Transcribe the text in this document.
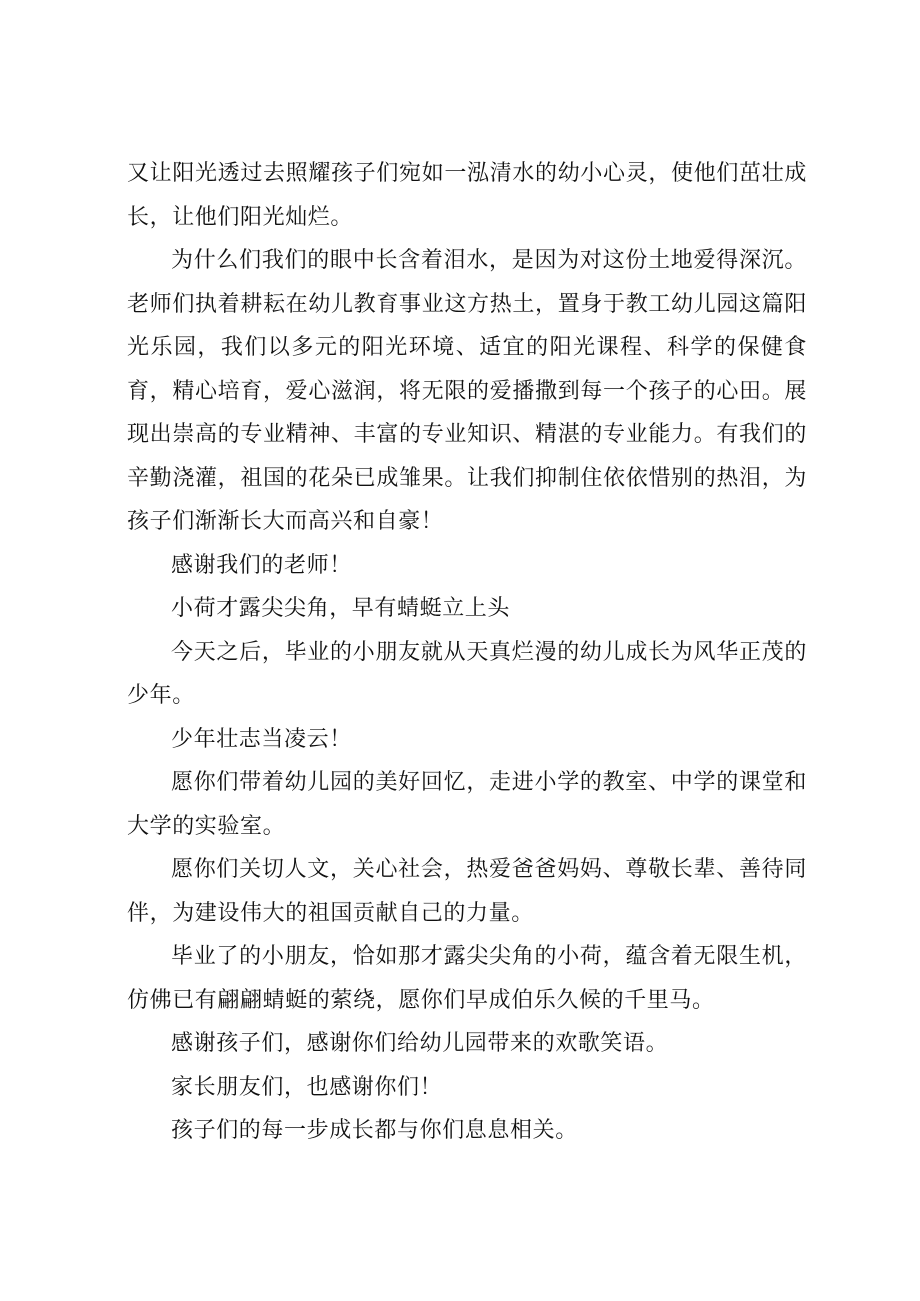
又让阳光透过去照耀孩子们宛如一泓清水的幼小心灵，使他们茁壮成长，让他们阳光灿烂。

为什么们我们的眼中长含着泪水，是因为对这份土地爱得深沉。老师们执着耕耘在幼儿教育事业这方热土，置身于教工幼儿园这篇阳光乐园，我们以多元的阳光环境、适宜的阳光课程、科学的保健食育，精心培育，爱心滋润，将无限的爱播撒到每一个孩子的心田。展现出崇高的专业精神、丰富的专业知识、精湛的专业能力。有我们的辛勤浇灌，祖国的花朵已成雏果。让我们抑制住依依惜别的热泪，为孩子们渐渐长大而高兴和自豪！

感谢我们的老师！

小荷才露尖尖角，早有蜻蜓立上头

今天之后，毕业的小朋友就从天真烂漫的幼儿成长为风华正茂的少年。

少年壮志当凌云！

愿你们带着幼儿园的美好回忆，走进小学的教室、中学的课堂和大学的实验室。

愿你们关切人文，关心社会，热爱爸爸妈妈、尊敬长辈、善待同伴，为建设伟大的祖国贡献自己的力量。

毕业了的小朋友，恰如那才露尖尖角的小荷，蕴含着无限生机，仿佛已有翩翩蜻蜓的萦绕，愿你们早成伯乐久候的千里马。

感谢孩子们，感谢你们给幼儿园带来的欢歌笑语。

家长朋友们，也感谢你们！

孩子们的每一步成长都与你们息息相关。
